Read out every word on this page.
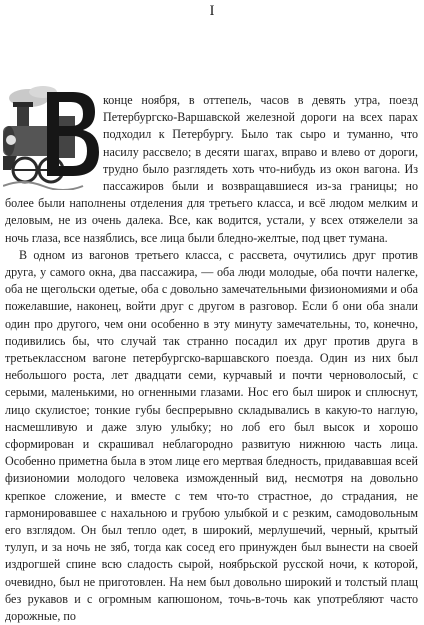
I

конце ноября, в оттепель, часов в девять утра, поезд Петербургско-Варшавской железной дороги на всех парах подходил к Петербургу. Было так сыро и туманно, что насилу рассвело; в десяти шагах, вправо и влево от дороги, трудно было разглядеть хоть что-нибудь из окон вагона. Из пассажиров были и возвращавшиеся из-за границы; но более были наполнены отделения для третьего класса, и всё людом мелким и деловым, не из очень далека. Все, как водится, устали, у всех отяжелели за ночь глаза, все назяблись, все лица были бледно-желтые, под цвет тумана.

В одном из вагонов третьего класса, с рассвета, очутились друг против друга, у самого окна, два пассажира, — оба люди молодые, оба почти налегке, оба не щегольски одетые, оба с довольно замечательными физиономиями и оба пожелавшие, наконец, войти друг с другом в разговор. Если б они оба знали один про другого, чем они особенно в эту минуту замечательны, то, конечно, подивились бы, что случай так странно посадил их друг против друга в третьеклассном вагоне петербургско-варшавского поезда. Один из них был небольшого роста, лет двадцати семи, курчавый и почти черноволосый, с серыми, маленькими, но огненными глазами. Нос его был широк и сплюснут, лицо скулистое; тонкие губы беспрерывно складывались в какую-то наглую, насмешливую и даже злую улыбку; но лоб его был высок и хорошо сформирован и скрашивал неблагородно развитую нижнюю часть лица. Особенно приметна была в этом лице его мертвая бледность, придававшая всей физиономии молодого человека изможденный вид, несмотря на довольно крепкое сложение, и вместе с тем что-то страстное, до страдания, не гармонировавшее с нахальною и грубою улыбкой и с резким, самодовольным его взглядом. Он был тепло одет, в широкий, мерлушечий, черный, крытый тулуп, и за ночь не зяб, тогда как сосед его принужден был вынести на своей издрогшей спине всю сладость сырой, ноябрьской русской ночи, к которой, очевидно, был не приготовлен. На нем был довольно широкий и толстый плащ без рукавов и с огромным капюшоном, точь-в-точь как употребляют часто дорожные, по
